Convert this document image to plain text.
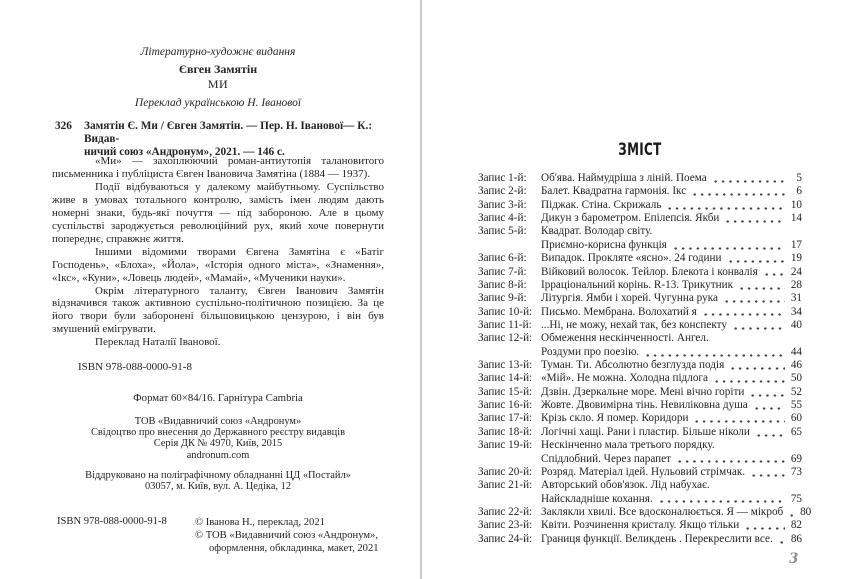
Літературно-художнє видання
Євген Замятін
МИ
Переклад українською Н. Іванової
326	Замятін Є. Ми / Євген Замятін. — Пер. Н. Іванової— К.: Видав-
ничий союз «Андронум», 2021. — 146 с.

«Ми» — захоплюючий роман-антиутопія талановитого письменника і публіциста Євген Івановича Замятіна (1884 — 1937).

Події відбуваються у далекому майбутньому. Суспільство живе в умовах тотального контролю, замість імен людям дають номерні знаки, будь-які почуття — під забороною. Але в цьому суспільстві зароджується революційний рух, який хоче повернути попереднє, справжнє життя.

Іншими відомими творами Євгена Замятіна є «Батіг Господень», «Блоха», «Йола», «Історія одного міста», «Знамення», «Ікс», «Куни», «Ловець людей», «Мамай», «Мученики науки».

Окрім літературного таланту, Євген Іванович Замятін відзначився також активною суспільно-політичною позицією. За це його твори були заборонені більшовицькою цензурою, і він був змушений емігрувати.

Переклад Наталії Іванової.

ISBN 978-088-0000-91-8
Формат 60×84/16. Гарнітура Cambria
ТОВ «Видавничий союз «Андронум»
Свідоцтво про внесення до Державного реєстру видавців
Серія ДК № 4970, Київ, 2015
andronum.com
Віддруковано на поліграфічному обладнанні ЦД «Постайл»
03057, м. Київ, вул. А. Цедіка, 12
ISBN 978-088-0000-91-8	© Іванова Н., переклад, 2021
© ТОВ «Видавничий союз «Андронум»,
оформлення, обкладинка, макет, 2021
ЗМІСТ
Запис 1-й:	Об'ява. Наймудріша з ліній. Поема	5
Запис 2-й:	Балет. Квадратна гармонія. Ікс	6
Запис 3-й:	Піджак. Стіна. Скрижаль	10
Запис 4-й:	Дикун з барометром. Епілепсія. Якби	14
Запис 5-й:	Квадрат. Володар світу.
Приємно-корисна функція	17
Запис 6-й:	Випадок. Прокляте «ясно». 24 години	19
Запис 7-й:	Війковий волосок. Тейлор. Блекота і конвалія	24
Запис 8-й:	Ірраціональний корінь. R-13. Трикутник	28
Запис 9-й:	Літургія. Ямби і хорей. Чугунна рука	31
Запис 10-й: Письмо. Мембрана. Волохатий я	34
Запис 11-й: ...Ні, не можу, нехай так, без конспекту	40
Запис 12-й: Обмеження нескінченності. Ангел.
Роздуми про поезію.	44
Запис 13-й: Туман. Ти. Абсолютно безглузда подія	46
Запис 14-й: «Мій». Не можна. Холодна підлога	50
Запис 15-й: Дзвін. Дзеркальне море. Мені вічно горіти	52
Запис 16-й: Жовте. Двовимірна тінь. Невиліковна душа	55
Запис 17-й: Крізь скло. Я помер. Коридори	60
Запис 18-й: Логічні хащі. Рани і пластир. Більше ніколи	65
Запис 19-й: Нескінченно мала третього порядку.
Спідлобний. Через парапет	69
Запис 20-й: Розряд. Матеріал ідей. Нульовий стрімчак.	73
Запис 21-й: Авторський обов'язок. Лід набухає.
Найскладніше кохання.	75
Запис 22-й: Заклякли хвилі. Все вдосконалюється. Я — мікроб 80
Запис 23-й: Квіти. Розчинення кристалу. Якщо тільки	82
Запис 24-й: Границя функції. Великдень . Перекреслити все. 86
3
